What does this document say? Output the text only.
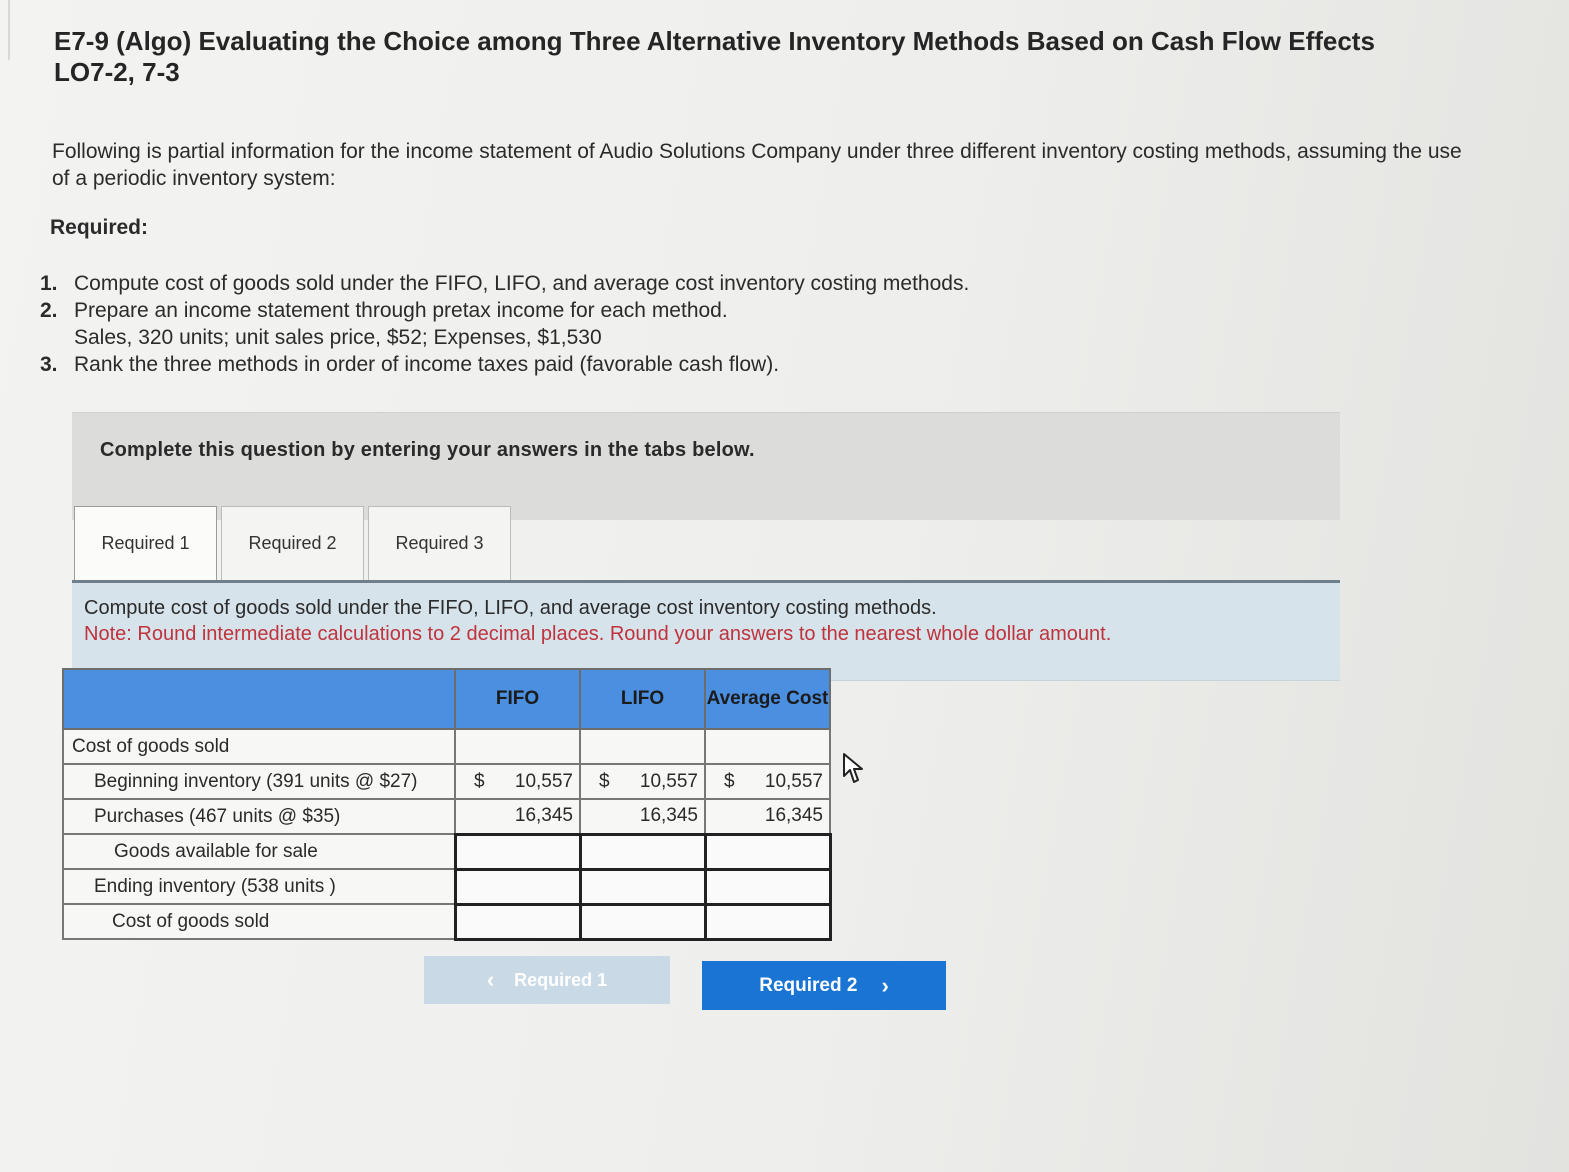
E7-9 (Algo) Evaluating the Choice among Three Alternative Inventory Methods Based on Cash Flow Effects LO7-2, 7-3
Following is partial information for the income statement of Audio Solutions Company under three different inventory costing methods, assuming the use of a periodic inventory system:
Required:
1. Compute cost of goods sold under the FIFO, LIFO, and average cost inventory costing methods.
2. Prepare an income statement through pretax income for each method.
Sales, 320 units; unit sales price, $52; Expenses, $1,530
3. Rank the three methods in order of income taxes paid (favorable cash flow).
Complete this question by entering your answers in the tabs below.
Required 1	Required 2	Required 3
Compute cost of goods sold under the FIFO, LIFO, and average cost inventory costing methods.
Note: Round intermediate calculations to 2 decimal places. Round your answers to the nearest whole dollar amount.
	FIFO	LIFO	Average Cost
Cost of goods sold			
Beginning inventory (391 units @ $27)	$ 10,557	$ 10,557	$ 10,557
Purchases (467 units @ $35)	16,345	16,345	16,345
Goods available for sale			
Ending inventory (538 units )			
Cost of goods sold			
‹ Required 1	Required 2 ›
